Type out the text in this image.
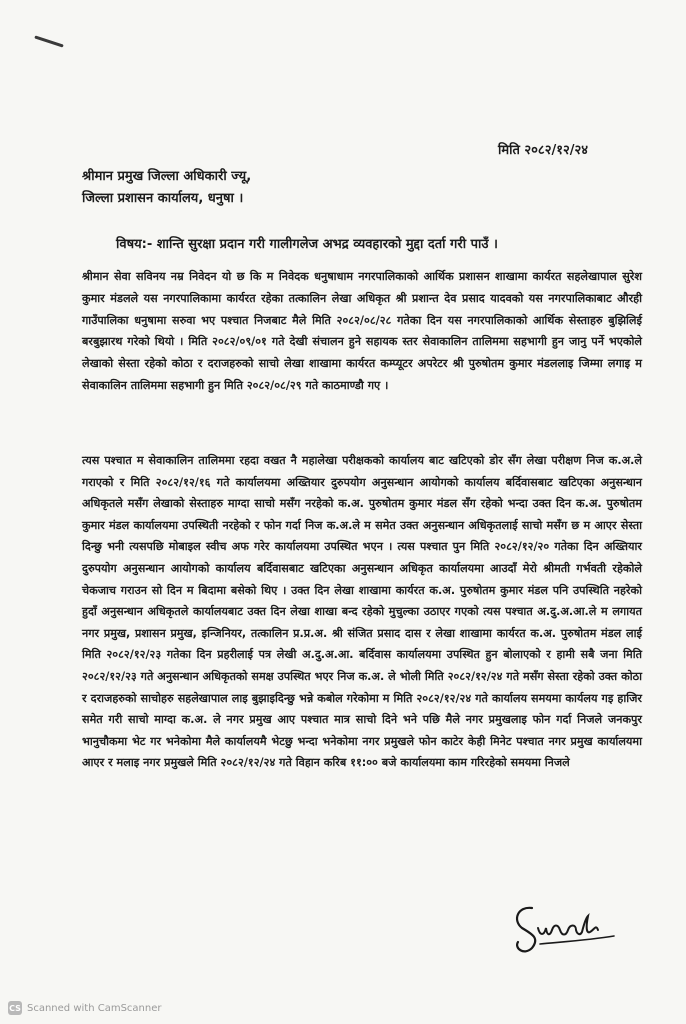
मिति २०८२/१२/२४
श्रीमान प्रमुख जिल्ला अधिकारी ज्यू,
जिल्ला प्रशासन कार्यालय, धनुषा ।
विषय:- शान्ति सुरक्षा प्रदान गरी गालीगलेज अभद्र व्यवहारको मुद्दा दर्ता गरी पाउँ ।
श्रीमान सेवा सविनय नम्र निवेदन यो छ कि म निवेदक धनुषाधाम नगरपालिकाको आर्थिक प्रशासन शाखामा कार्यरत सहलेखापाल सुरेश कुमार मंडलले यस नगरपालिकामा कार्यरत रहेका तत्कालिन लेखा अधिकृत श्री प्रशान्त देव प्रसाद यादवको यस नगरपालिकाबाट औरही गाउँपालिका धनुषामा सरुवा भए पश्चात निजबाट मैले मिति २०८२/०८/२८ गतेका दिन यस नगरपालिकाको आर्थिक सेस्ताहरु बुझिलिई बरबुझारथ गरेको थियो । मिति २०८२/०९/०१ गते देखी संचालन हुने सहायक स्तर सेवाकालिन तालिममा सहभागी हुन जानु पर्ने भएकोले लेखाको सेस्ता रहेको कोठा र दराजहरुको साचो लेखा शाखामा कार्यरत कम्प्यूटर अपरेटर श्री पुरुषोतम कुमार मंडललाइ जिम्मा लगाइ म सेवाकालिन तालिममा सहभागी हुन मिति २०८२/०८/२९ गते काठमाण्डौ गए ।
त्यस पश्चात म सेवाकालिन तालिममा रहदा वखत नै महालेखा परीक्षकको कार्यालय बाट खटिएको डोर सँग लेखा परीक्षण निज क.अ.ले गराएको र मिति २०८२/१२/१६ गते कार्यालयमा अख्तियार दुरुपयोग अनुसन्धान आयोगको कार्यालय बर्दिवासबाट खटिएका अनुसन्धान अधिकृतले मसँग लेखाको सेस्ताहरु माग्दा साचो मसँग नरहेको क.अ. पुरुषोतम कुमार मंडल सँग रहेको भन्दा उक्त दिन क.अ. पुरुषोतम कुमार मंडल कार्यालयमा उपस्थिती नरहेको र फोन गर्दा निज क.अ.ले म समेत उक्त अनुसन्धान अधिकृतलाई साचो मसँग छ म आएर सेस्ता दिन्छु भनी त्यसपछि मोबाइल स्वीच अफ गरेर कार्यालयमा उपस्थित भएन । त्यस पश्चात पुन मिति २०८२/१२/२० गतेका दिन अख्तियार दुरुपयोग अनुसन्धान आयोगको कार्यालय बर्दिवासबाट खटिएका अनुसन्धान अधिकृत कार्यालयमा आउदाँ मेरो श्रीमती गर्भवती रहेकोले चेकजाच गराउन सो दिन म बिदामा बसेको थिए । उक्त दिन लेखा शाखामा कार्यरत क.अ. पुरुषोतम कुमार मंडल पनि उपस्थिति नहरेको हुदाँ अनुसन्धान अधिकृतले कार्यालयबाट उक्त दिन लेखा शाखा बन्द रहेको मुचुल्का उठाएर गएको त्यस पश्चात अ.दु.अ.आ.ले म लगायत नगर प्रमुख, प्रशासन प्रमुख, इन्जिनियर, तत्कालिन प्र.प्र.अ. श्री संजित प्रसाद दास र लेखा शाखामा कार्यरत क.अ. पुरुषोतम मंडल लाई मिति २०८२/१२/२३ गतेका दिन प्रहरीलाई पत्र लेखी अ.दु.अ.आ. बर्दिवास कार्यालयमा उपस्थित हुन बोलाएको र हामी सबै जना मिति २०८२/१२/२३ गते अनुसन्धान अधिकृतको समक्ष उपस्थित भएर निज क.अ. ले भोली मिति २०८२/१२/२४ गते मसँग सेस्ता रहेको उक्त कोठा र दराजहरुको साचोहरु सहलेखापाल लाइ बुझाइदिन्छु भन्ने कबोल गरेकोमा म मिति २०८२/१२/२४ गते कार्यालय समयमा कार्यलय गइ हाजिर समेत गरी साचो माग्दा क.अ. ले नगर प्रमुख आए पश्चात मात्र साचो दिने भने पछि मैले नगर प्रमुखलाइ फोन गर्दा निजले जनकपुर भानुचौकमा भेट गर भनेकोमा मैले कार्यालयमै भेटछु भन्दा भनेकोमा नगर प्रमुखले फोन काटेर केही मिनेट पश्चात नगर प्रमुख कार्यालयमा आएर र मलाइ नगर प्रमुखले मिति २०८२/१२/२४ गते विहान करिब ११:०० बजे कार्यालयमा काम गरिरहेको समयमा निजले
CS Scanned with CamScanner
